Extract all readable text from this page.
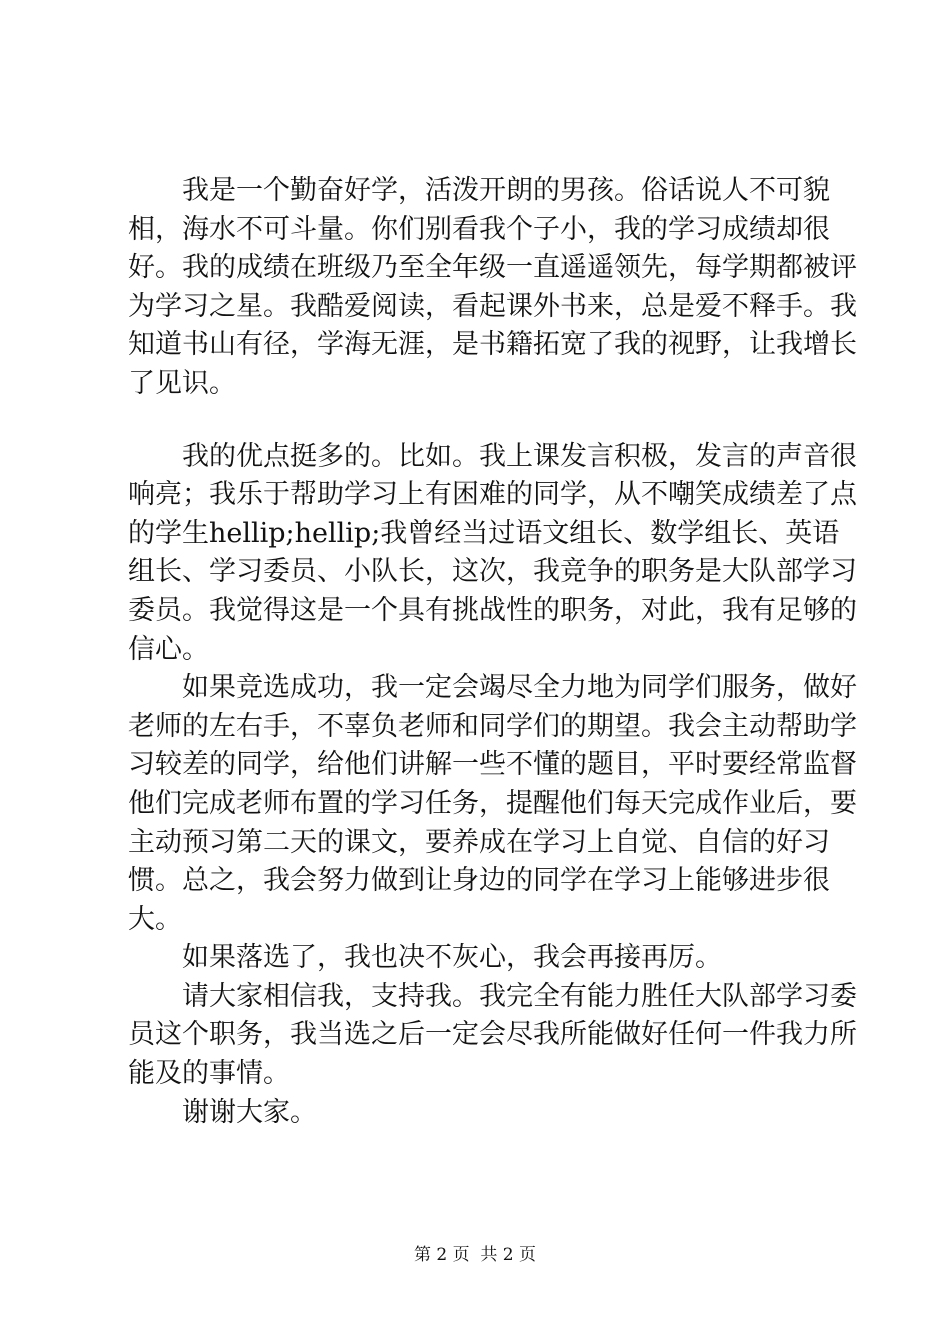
我是一个勤奋好学，活泼开朗的男孩。俗话说人不可貌相，海水不可斗量。你们别看我个子小，我的学习成绩却很好。我的成绩在班级乃至全年级一直遥遥领先，每学期都被评为学习之星。我酷爱阅读，看起课外书来，总是爱不释手。我知道书山有径，学海无涯，是书籍拓宽了我的视野，让我增长了见识。

我的优点挺多的。比如。我上课发言积极，发言的声音很响亮；我乐于帮助学习上有困难的同学，从不嘲笑成绩差了点的学生hellip;hellip;我曾经当过语文组长、数学组长、英语组长、学习委员、小队长，这次，我竞争的职务是大队部学习委员。我觉得这是一个具有挑战性的职务，对此，我有足够的信心。

如果竞选成功，我一定会竭尽全力地为同学们服务，做好老师的左右手，不辜负老师和同学们的期望。我会主动帮助学习较差的同学，给他们讲解一些不懂的题目，平时要经常监督他们完成老师布置的学习任务，提醒他们每天完成作业后，要主动预习第二天的课文，要养成在学习上自觉、自信的好习惯。总之，我会努力做到让身边的同学在学习上能够进步很大。

如果落选了，我也决不灰心，我会再接再厉。

请大家相信我，支持我。我完全有能力胜任大队部学习委员这个职务，我当选之后一定会尽我所能做好任何一件我力所能及的事情。

谢谢大家。

第 2 页  共 2 页
